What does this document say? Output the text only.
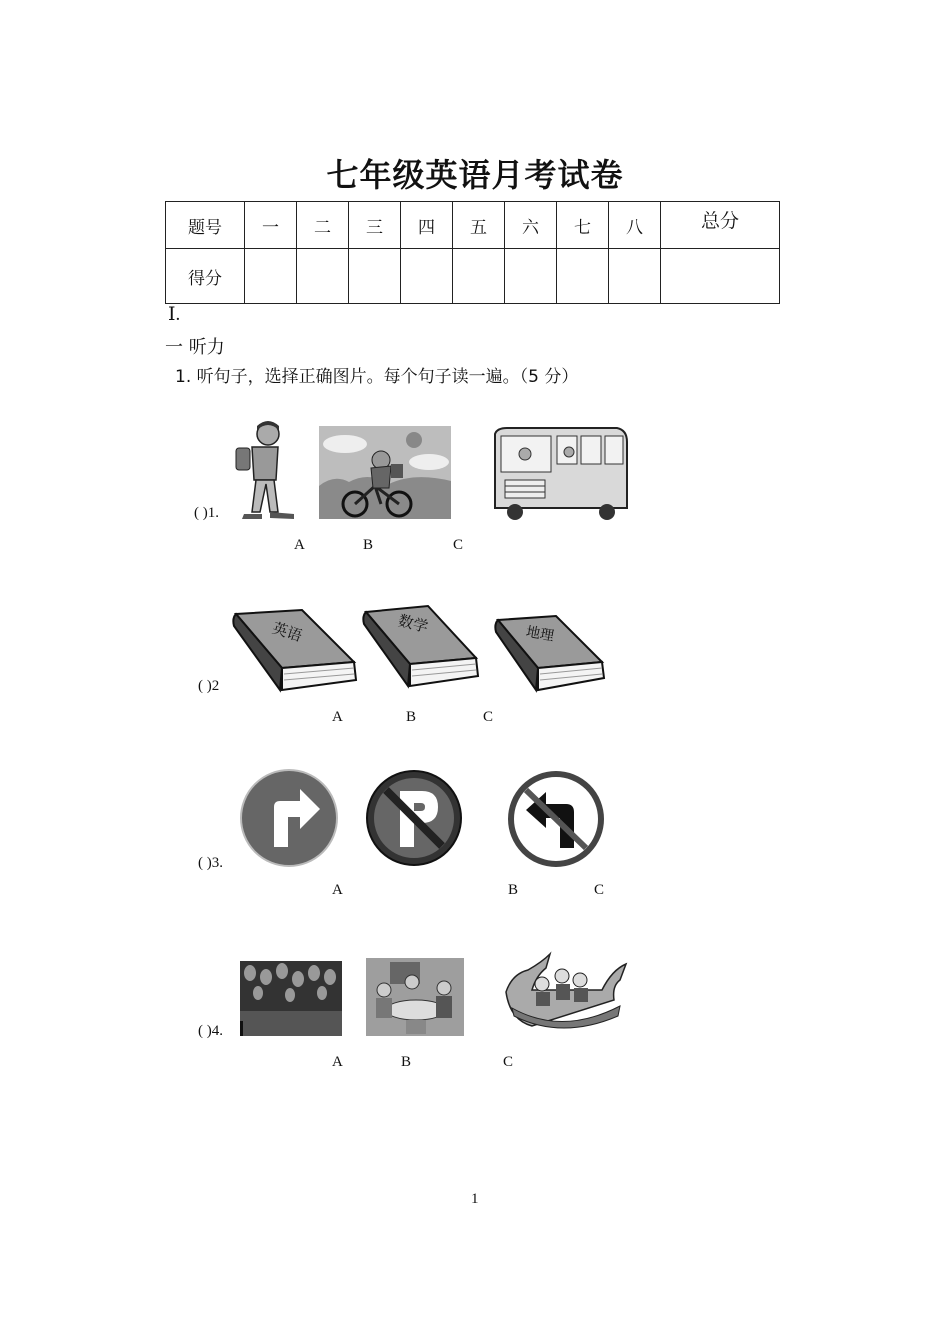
七年级英语月考试卷
题号	一	二	三	四	五	六	七	八	总分
得分									
Ⅰ.
一 听力
1. 听句子，选择正确图片。每个句子读一遍。（5 分）
( )1.
A	B	C
( )2
英语	数学	地理
A	B	C
( )3.
A	B	C
( )4.
A	B	C
1
